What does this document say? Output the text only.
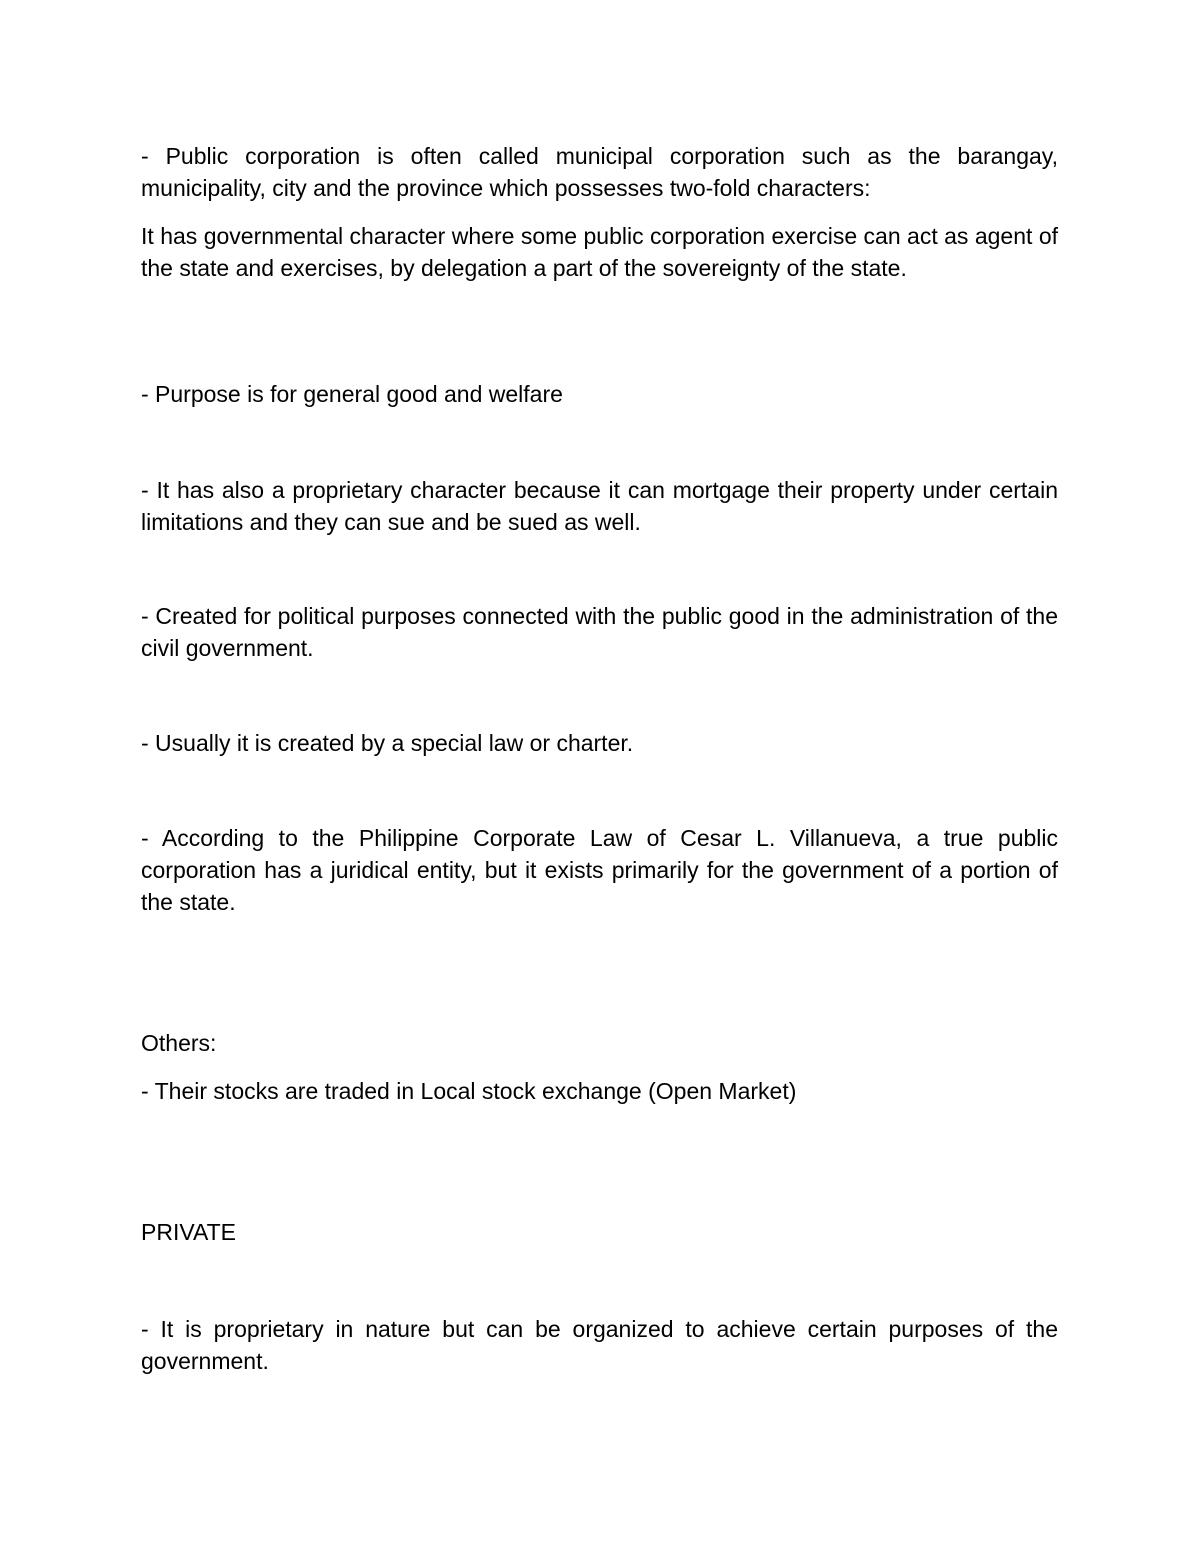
- Public corporation is often called municipal corporation such as the barangay, municipality, city and the province which possesses two-fold characters:

It has governmental character where some public corporation exercise can act as agent of the state and exercises, by delegation a part of the sovereignty of the state.

- Purpose is for general good and welfare

- It has also a proprietary character because it can mortgage their property under certain limitations and they can sue and be sued as well.

- Created for political purposes connected with the public good in the administration of the civil government.

- Usually it is created by a special law or charter.

- According to the Philippine Corporate Law of Cesar L. Villanueva, a true public corporation has a juridical entity, but it exists primarily for the government of a portion of the state.

Others:

- Their stocks are traded in Local stock exchange (Open Market)

PRIVATE

- It is proprietary in nature but can be organized to achieve certain purposes of the government.
